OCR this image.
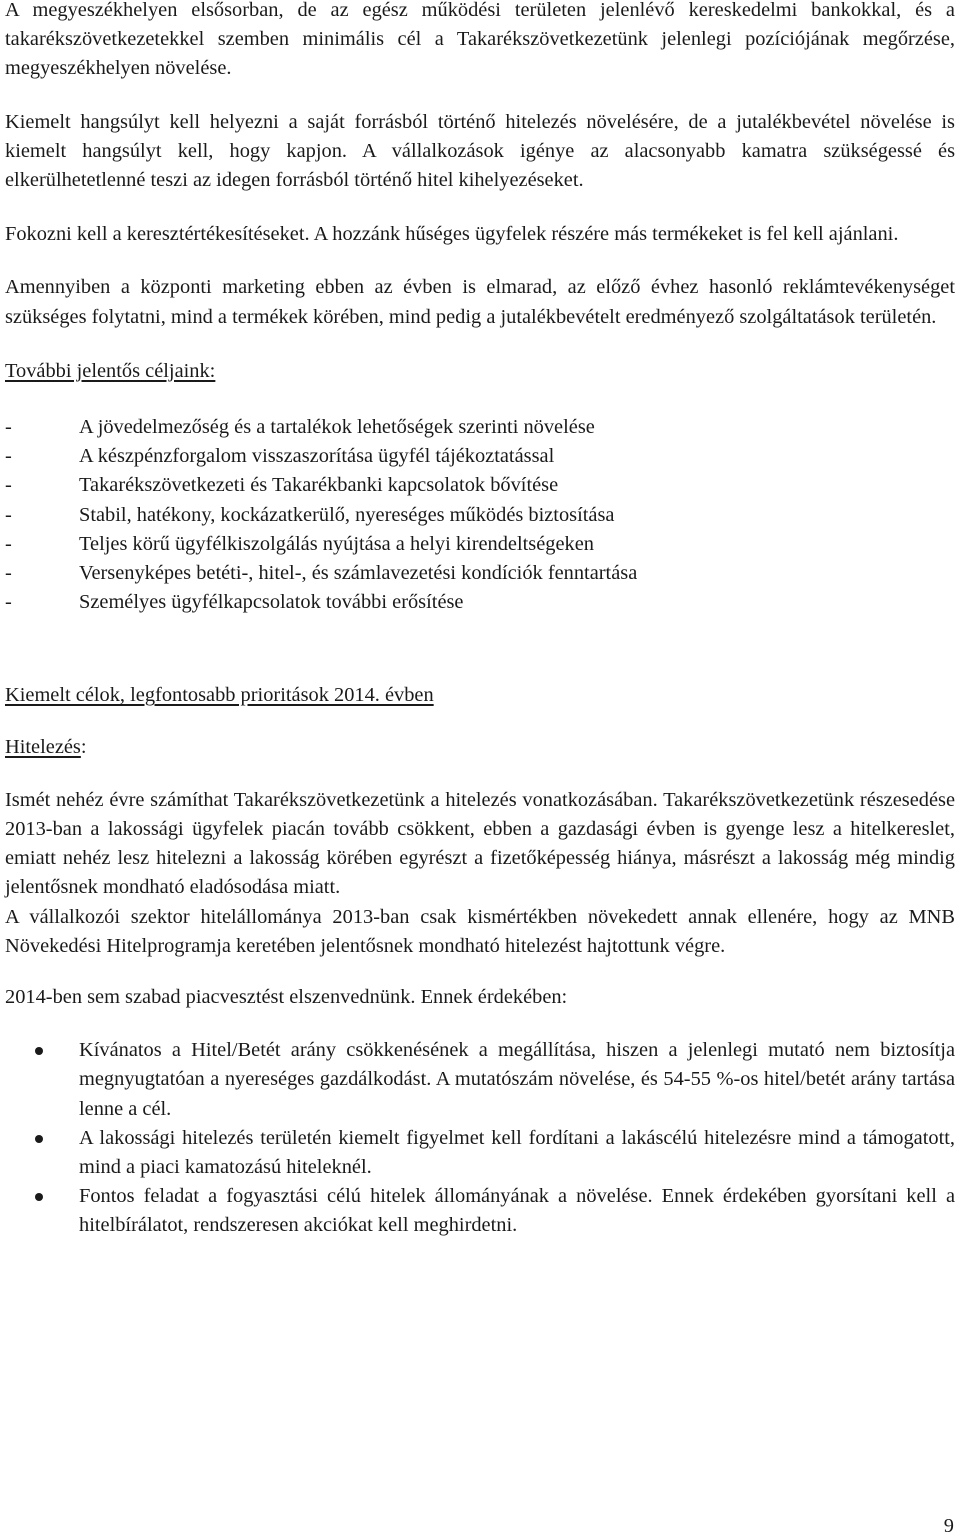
A megyeszékhelyen elsősorban, de az egész működési területen jelenlévő kereskedelmi bankokkal, és a takarékszövetkezetekkel szemben minimális cél a Takarékszövetkezetünk jelenlegi pozíciójának megőrzése, megyeszékhelyen növelése.

Kiemelt hangsúlyt kell helyezni a saját forrásból történő hitelezés növelésére, de a jutalékbevétel növelése is kiemelt hangsúlyt kell, hogy kapjon. A vállalkozások igénye az alacsonyabb kamatra szükségessé és elkerülhetetlenné teszi az idegen forrásból történő hitel kihelyezéseket.

Fokozni kell a keresztértékesítéseket. A hozzánk hűséges ügyfelek részére más termékeket is fel kell ajánlani.

Amennyiben a központi marketing ebben az évben is elmarad, az előző évhez hasonló reklámtevékenységet szükséges folytatni, mind a termékek körében, mind pedig a jutalékbevételt eredményező szolgáltatások területén.

További jelentős céljaink:

-	A jövedelmezőség és a tartalékok lehetőségek szerinti növelése
-	A készpénzforgalom visszaszorítása ügyfél tájékoztatással
-	Takarékszövetkezeti és Takarékbanki kapcsolatok bővítése
-	Stabil, hatékony, kockázatkerülő, nyereséges működés biztosítása
-	Teljes körű ügyfélkiszolgálás nyújtása a helyi kirendeltségeken
-	Versenyképes betéti-, hitel-, és számlavezetési kondíciók fenntartása
-	Személyes ügyfélkapcsolatok további erősítése

Kiemelt célok, legfontosabb prioritások 2014. évben

Hitelezés:

Ismét nehéz évre számíthat Takarékszövetkezetünk a hitelezés vonatkozásában. Takarékszövetkezetünk részesedése 2013-ban a lakossági ügyfelek piacán tovább csökkent, ebben a gazdasági évben is gyenge lesz a hitelkereslet, emiatt nehéz lesz hitelezni a lakosság körében egyrészt a fizetőképesség hiánya, másrészt a lakosság még mindig jelentősnek mondható eladósodása miatt.

A vállalkozói szektor hitelállománya 2013-ban csak kismértékben növekedett annak ellenére, hogy az MNB Növekedési Hitelprogramja keretében jelentősnek mondható hitelezést hajtottunk végre.

2014-ben sem szabad piacvesztést elszenvednünk. Ennek érdekében:

Kívánatos a Hitel/Betét arány csökkenésének a megállítása, hiszen a jelenlegi mutató nem biztosítja megnyugtatóan a nyereséges gazdálkodást. A mutatószám növelése, és 54-55 %-os hitel/betét arány tartása lenne a cél.
A lakossági hitelezés területén kiemelt figyelmet kell fordítani a lakáscélú hitelezésre mind a támogatott, mind a piaci kamatozású hiteleknél.
Fontos feladat a fogyasztási célú hitelek állományának a növelése. Ennek érdekében gyorsítani kell a hitelbírálatot, rendszeresen akciókat kell meghirdetni.
9
